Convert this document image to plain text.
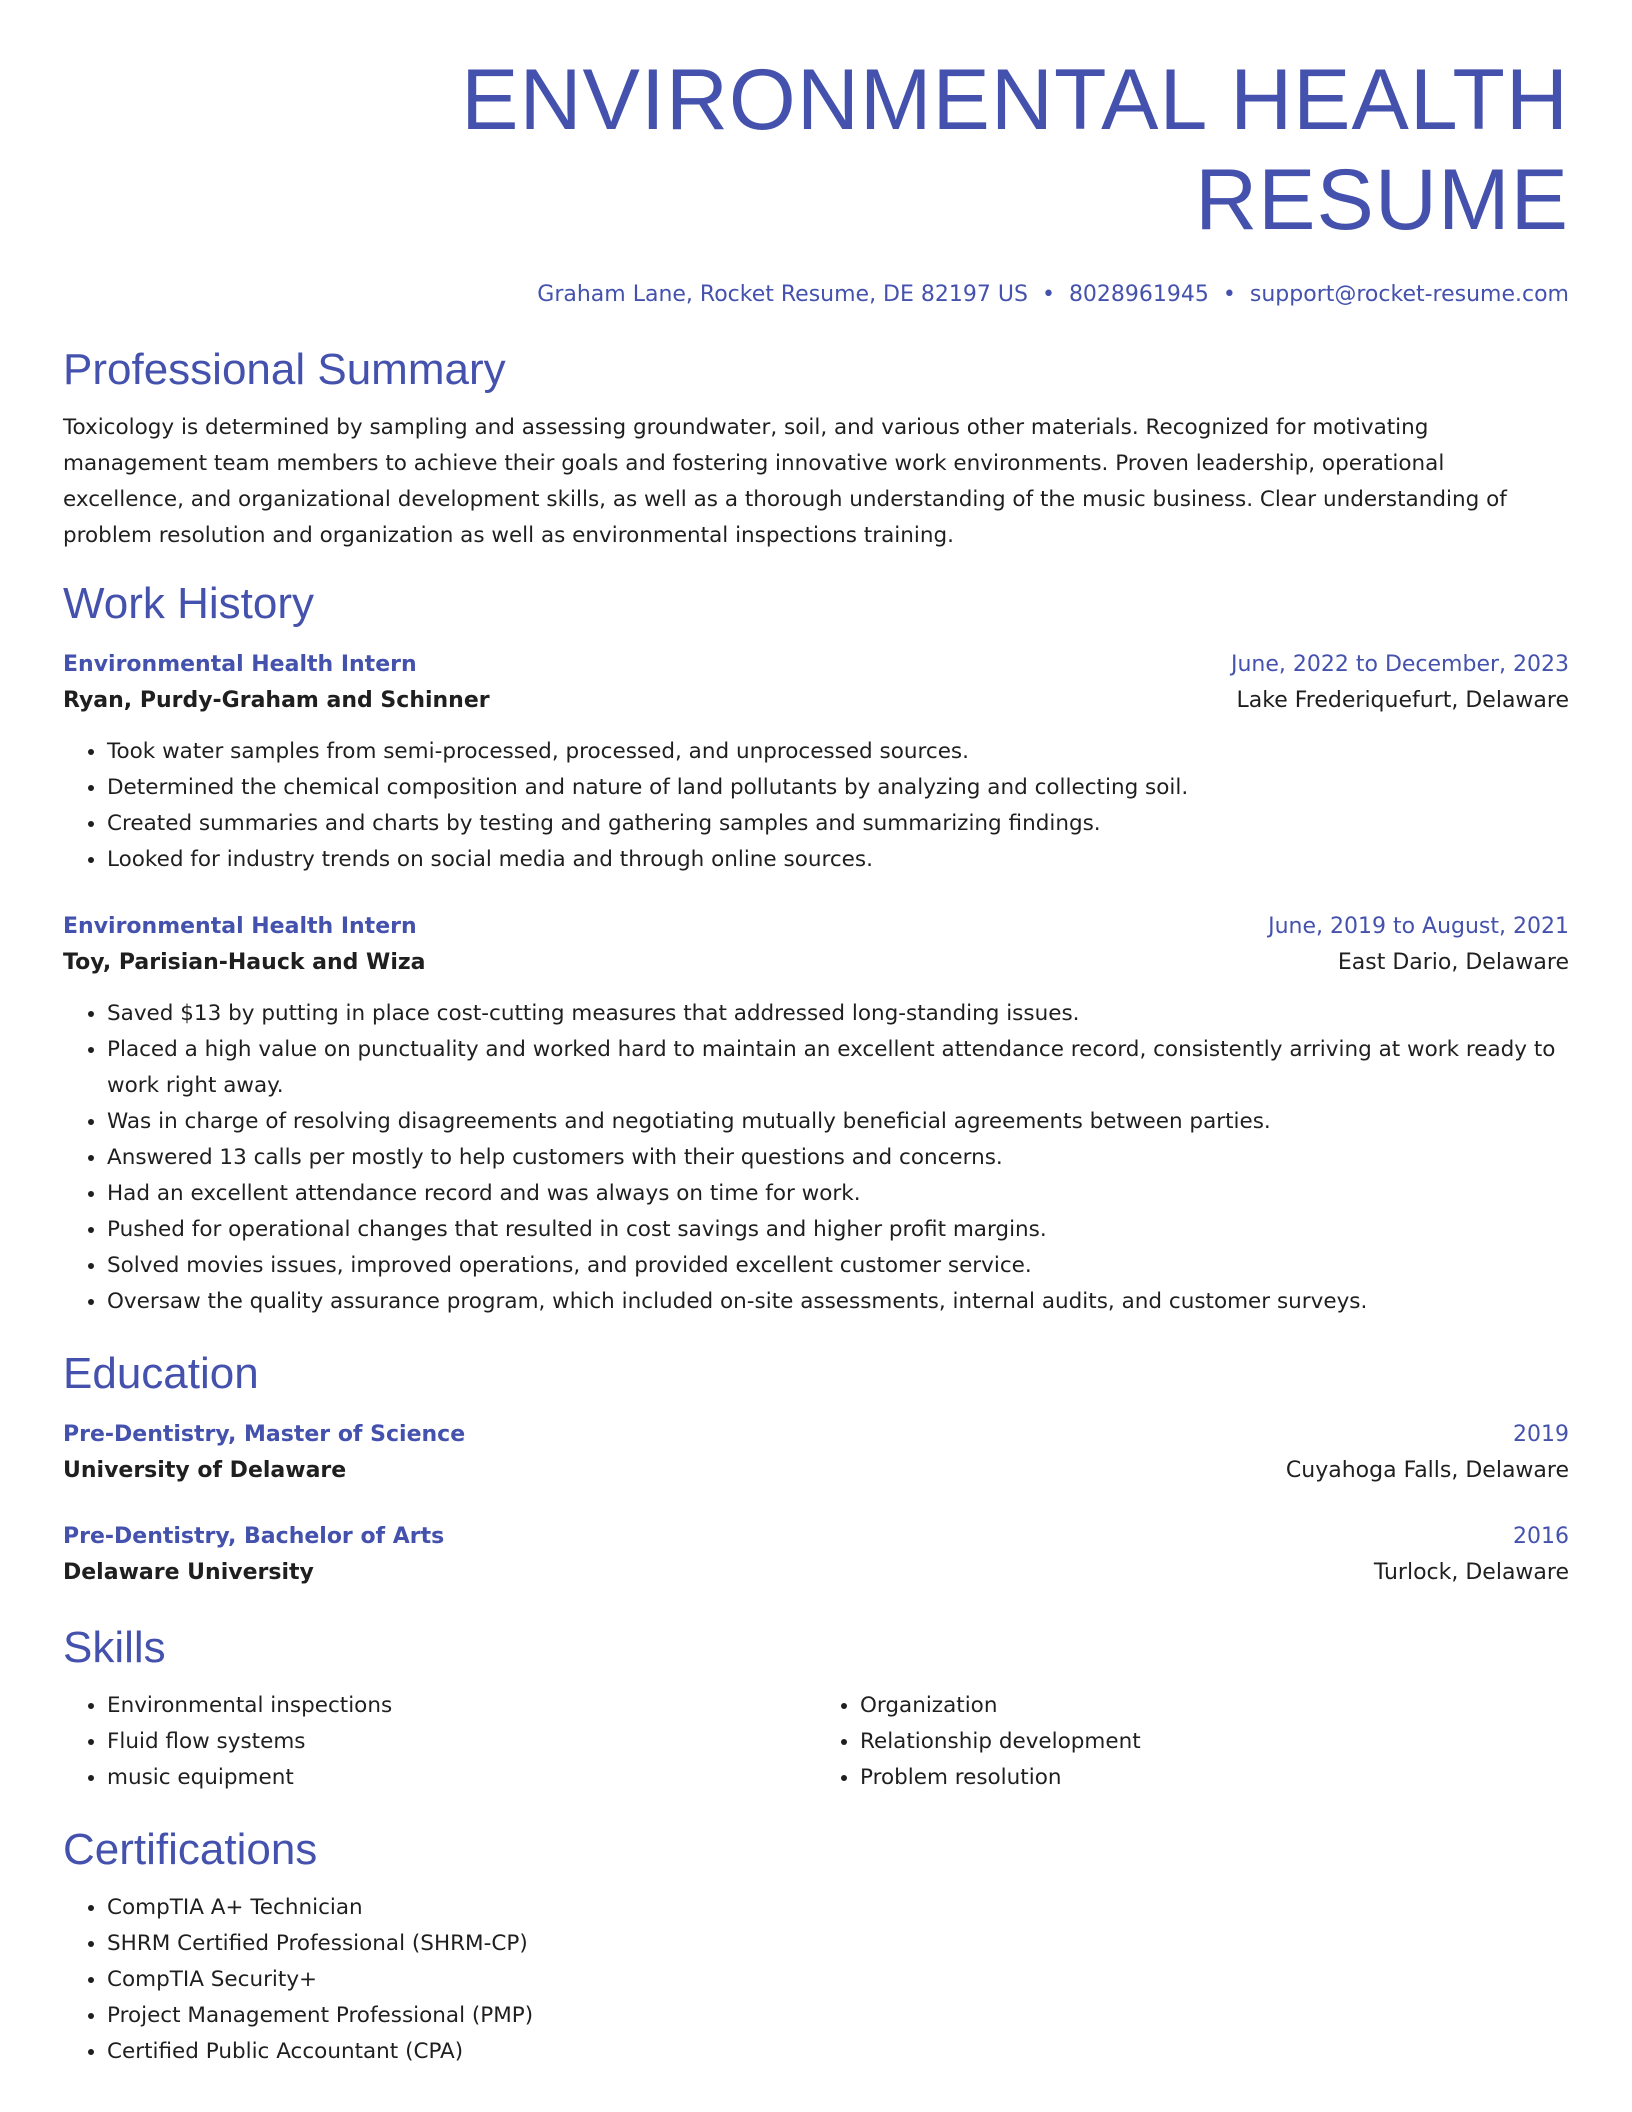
ENVIRONMENTAL HEALTH RESUME
Graham Lane, Rocket Resume, DE 82197 US • 8028961945 • support@rocket-resume.com
Professional Summary
Toxicology is determined by sampling and assessing groundwater, soil, and various other materials. Recognized for motivating management team members to achieve their goals and fostering innovative work environments. Proven leadership, operational excellence, and organizational development skills, as well as a thorough understanding of the music business. Clear understanding of problem resolution and organization as well as environmental inspections training.
Work History
Environmental Health Intern	June, 2022 to December, 2023
Ryan, Purdy-Graham and Schinner	Lake Frederiquefurt, Delaware
• Took water samples from semi-processed, processed, and unprocessed sources.
• Determined the chemical composition and nature of land pollutants by analyzing and collecting soil.
• Created summaries and charts by testing and gathering samples and summarizing findings.
• Looked for industry trends on social media and through online sources.
Environmental Health Intern	June, 2019 to August, 2021
Toy, Parisian-Hauck and Wiza	East Dario, Delaware
• Saved $13 by putting in place cost-cutting measures that addressed long-standing issues.
• Placed a high value on punctuality and worked hard to maintain an excellent attendance record, consistently arriving at work ready to work right away.
• Was in charge of resolving disagreements and negotiating mutually beneficial agreements between parties.
• Answered 13 calls per mostly to help customers with their questions and concerns.
• Had an excellent attendance record and was always on time for work.
• Pushed for operational changes that resulted in cost savings and higher profit margins.
• Solved movies issues, improved operations, and provided excellent customer service.
• Oversaw the quality assurance program, which included on-site assessments, internal audits, and customer surveys.
Education
Pre-Dentistry, Master of Science	2019
University of Delaware	Cuyahoga Falls, Delaware
Pre-Dentistry, Bachelor of Arts	2016
Delaware University	Turlock, Delaware
Skills
• Environmental inspections
• Fluid flow systems
• music equipment
• Organization
• Relationship development
• Problem resolution
Certifications
• CompTIA A+ Technician
• SHRM Certified Professional (SHRM-CP)
• CompTIA Security+
• Project Management Professional (PMP)
• Certified Public Accountant (CPA)
